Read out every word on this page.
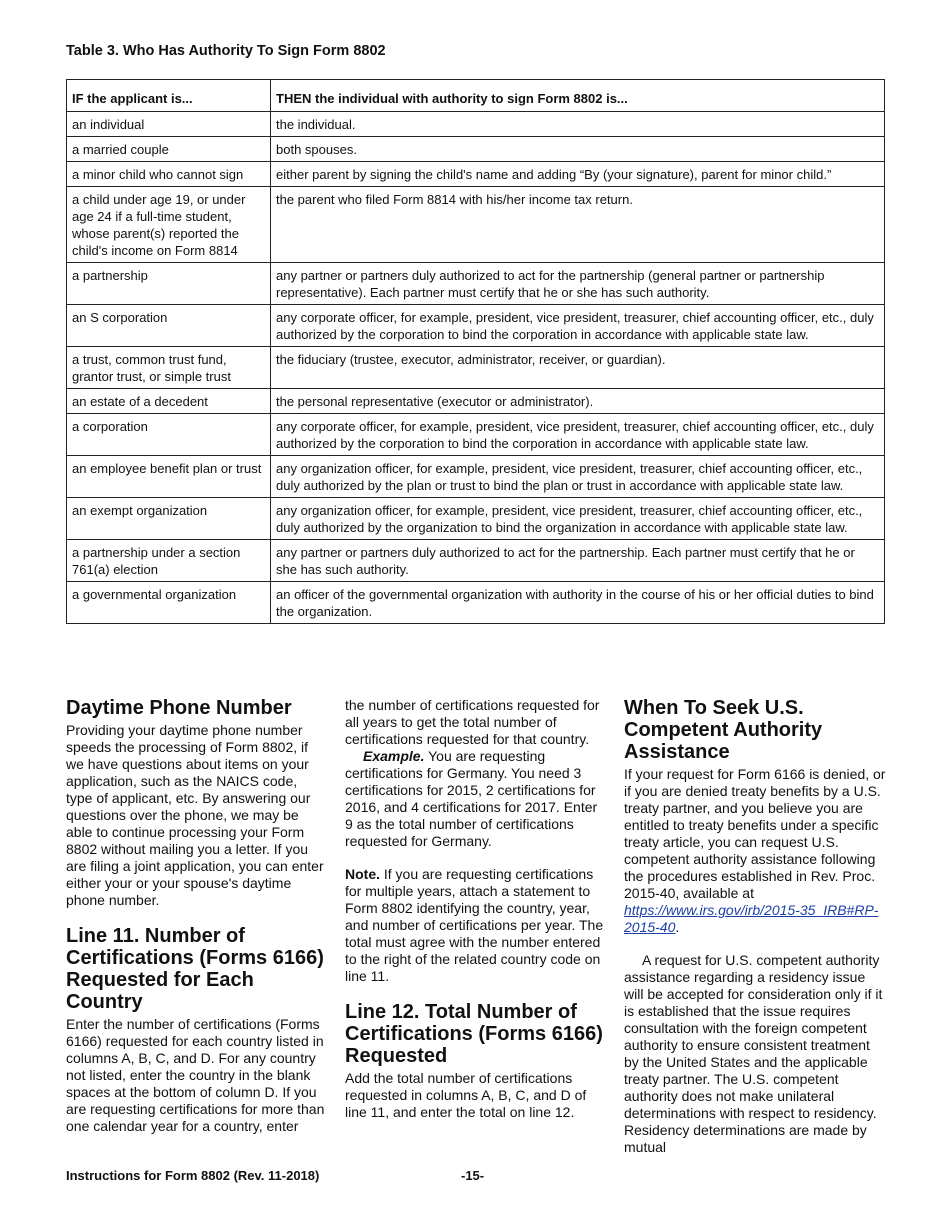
Table 3. Who Has Authority To Sign Form 8802
IF the applicant is...	THEN the individual with authority to sign Form 8802 is...
an individual	the individual.
a married couple	both spouses.
a minor child who cannot sign	either parent by signing the child's name and adding “By (your signature), parent for minor child.”
a child under age 19, or under age 24 if a full-time student, whose parent(s) reported the child's income on Form 8814	the parent who filed Form 8814 with his/her income tax return.
a partnership	any partner or partners duly authorized to act for the partnership (general partner or partnership representative). Each partner must certify that he or she has such authority.
an S corporation	any corporate officer, for example, president, vice president, treasurer, chief accounting officer, etc., duly authorized by the corporation to bind the corporation in accordance with applicable state law.
a trust, common trust fund, grantor trust, or simple trust	the fiduciary (trustee, executor, administrator, receiver, or guardian).
an estate of a decedent	the personal representative (executor or administrator).
a corporation	any corporate officer, for example, president, vice president, treasurer, chief accounting officer, etc., duly authorized by the corporation to bind the corporation in accordance with applicable state law.
an employee benefit plan or trust	any organization officer, for example, president, vice president, treasurer, chief accounting officer, etc., duly authorized by the plan or trust to bind the plan or trust in accordance with applicable state law.
an exempt organization	any organization officer, for example, president, vice president, treasurer, chief accounting officer, etc., duly authorized by the organization to bind the organization in accordance with applicable state law.
a partnership under a section 761(a) election	any partner or partners duly authorized to act for the partnership. Each partner must certify that he or she has such authority.
a governmental organization	an officer of the governmental organization with authority in the course of his or her official duties to bind the organization.
Daytime Phone Number

Providing your daytime phone number speeds the processing of Form 8802, if we have questions about items on your application, such as the NAICS code, type of applicant, etc. By answering our questions over the phone, we may be able to continue processing your Form 8802 without mailing you a letter. If you are filing a joint application, you can enter either your or your spouse's daytime phone number.

Line 11. Number of Certifications (Forms 6166) Requested for Each Country

Enter the number of certifications (Forms 6166) requested for each country listed in columns A, B, C, and D. For any country not listed, enter the country in the blank spaces at the bottom of column D. If you are requesting certifications for more than one calendar year for a country, enter

the number of certifications requested for all years to get the total number of certifications requested for that country.

Example. You are requesting certifications for Germany. You need 3 certifications for 2015, 2 certifications for 2016, and 4 certifications for 2017. Enter 9 as the total number of certifications requested for Germany.

Note. If you are requesting certifications for multiple years, attach a statement to Form 8802 identifying the country, year, and number of certifications per year. The total must agree with the number entered to the right of the related country code on line 11.

Line 12. Total Number of Certifications (Forms 6166) Requested

Add the total number of certifications requested in columns A, B, C, and D of line 11, and enter the total on line 12.

When To Seek U.S. Competent Authority Assistance

If your request for Form 6166 is denied, or if you are denied treaty benefits by a U.S. treaty partner, and you believe you are entitled to treaty benefits under a specific treaty article, you can request U.S. competent authority assistance following the procedures established in Rev. Proc. 2015-40, available at https://www.irs.gov/irb/2015-35_IRB#RP-2015-40.

A request for U.S. competent authority assistance regarding a residency issue will be accepted for consideration only if it is established that the issue requires consultation with the foreign competent authority to ensure consistent treatment by the United States and the applicable treaty partner. The U.S. competent authority does not make unilateral determinations with respect to residency. Residency determinations are made by mutual

Instructions for Form 8802 (Rev. 11-2018)	-15-
